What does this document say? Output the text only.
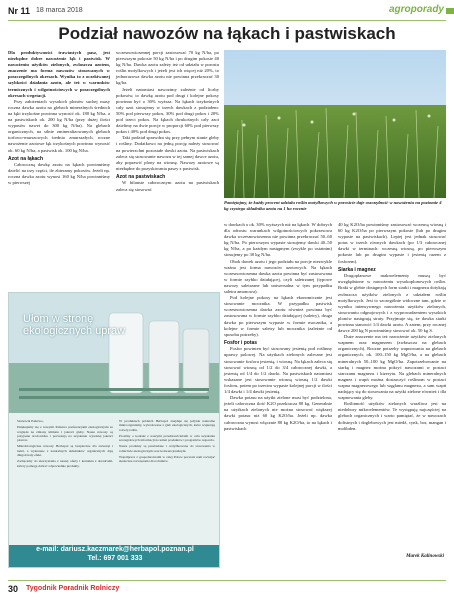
Nr 11 18 marca 2018	agroporady
Podział nawozów na łąkach i pastwiskach

Dla produktywności trawiastych pasz, jest niezbędne dobre nawożenie łąk i pastwisk. W nawożeniu użytków zielonych, zwłaszcza azotem, znaczenie ma forma nawozów stosowanych w poszczególnych okresach. Wynika to z oczekiwanej szybkości działania azotu, ale też w warunków termicznych i wilgotnościowych w poszczególnych okresach wegetacji.

Przy założeniach wysokich plonów suchej masy roczna dawka azotu na glebach mineralnych średnich na łąki trzykośne powinna wynosić ok. 180 kg N/ha, a na pastwiskach ok. 200 kg N/ha (przy dużej ilości wypasów nawet do 300 kg N/ha). Na glebach organicznych, na silnie zmineralizowanych glebach torfowo-murszowych średnio zmurszałych, roczne nawożenie azotowe łąk trzykośnych powinno wynosić ok. 60 kg N/ha, a pastwisk ok. 100 kg N/ha.

Azot na łąkach

Całoroczną dawkę azotu na łąkach powinniśmy dzielić na trzy części, ile zbieramy pokosów. Jeżeli np. roczna dawka azotu wynosi 160 kg N/ha powinniśmy w pierwszej

wczesnowiosennej porcji zastosować 70 kg N/ha, po pierwszym pokosie 50 kg N/ha i po drugim pokosie 40 kg N/ha. Dawka azotu zależy też od udziału w porostu roślin motylkowych i jeżeli jest ich więcej niż 20%, to jednorazowa dawka azotu nie powinna przekraczać 30 kg/ha.

Jeżeli natomiast nawozimy zależnie od liczby pokosów, to dawkę azotu pod drugi i kolejne pokosy powinna być o 30% wyższa. Na łąkach trzykośnych cały azot stosujemy w trzech dawkach z podziałem: 50% pod pierwszy pokos, 30% pod drugi pokos i 20% pod trzeci pokos. Na łąkach dwukośnych cały azot dzielimy na dwie porcje w proporcji 60% pod pierwszy pokos i 40% pod drugi pokos.

Taki podział sprawdza się przy pełnym stanie gleby i rośliny. Dodatkowo na jedną porcję należy stosować na powierzchni pozostałe dawki azotu. Na pastwiskach zaleca się stosowanie nawozu w tej samej dawce azotu, aby poprawić plony na wiosnę. Nawozy azotowe są niezbędne do pozyskiwania paszy z pastwisk.

Azot na pastwiskach

W bilansie całorocznym azotu na pastwiskach zaleca się stosować

Pamiętajmy, że każdy procent udziału roślin motylkowych w porostcie daje oszczędność w nawożeniu na poziomie 4 kg czystego składnika azotu na 1 ha rocznie

w dawkach o ok. 30% wyższych niż na łąkach. W dobrych dla odrostu warunkach wilgotnościowych pokrzesowa dawka wczesnowiosenna nie powinna przekraczać 50–60 kg N/ha. Po pierwszym wypasie stosujemy dawki 40–50 kg N/ha, a po każdym następnym (zwykle po ostatnim) stosujemy po 30 kg N/ha.

Obok dawek azotu i jego podziału na porcje niezwykle ważna jest forma nawozów azotowych. Na łąkach wczesnowiosenna dawka azotu powinna być zastosowana w formie szybko działającej, czyli saletrzanej (typowe nawozy saletrzane lub uniwersalna w tym przypadku saletra amonowa).

Pod kolejne pokosy na łąkach ekonomicznie jest stosowanie mocznika. W przypadku pastwisk wczesnowiosenna dawka azotu również powinna być zastosowana w formie szybko działającej (saletry), druga dawka po pierwszym wypasie w formie mocznika, a kolejne w formie saletry lub mocznika (zależnie od sposobu potrzeby).

Fosfor i potas

Fosfor powinien być stosowany jesienią pod roślinny uprawy polowej. Na użytkach zielonych zalecane jest stosowanie fosforu jesienią, i wiosną. Na łąkach zaleca się stosować wiosną od 1/2 do 3/4 całorocznej dawki, a jesienią od 1/4 do 1/2 dawki. Na pastwiskach natomiast wskazane jest stosowanie wiosną wiosną 1/2 dawki fosforu, potem po trzecim wypasie kolejnej porcji w ilości 1/4 dawki i 1/4 dawki jesienią.

Dawka potasu na użytki zielone musi być podzielona, jeżeli całoroczna ilość K2O przekracza 80 kg. Generalnie na użytkach zielonych nie można stosować większej dawki potasu niż 60 kg K2O/ha. Jeżeli np. dawka całoroczna wynosi włącznie 80 kg K2O/ha, to na łąkach i pastwiskach

40 kg K2O/ha powinniśmy zastosować wczesną wiosną i 60 kg K2O/ha po pierwszym pokosie (lub po drugim wypasie na pastwiskach). Lepiej jest jednak stosować potas w trzech równych dawkach (po 1/3 całorocznej dawki w terminach: wczesną wiosną, po pierwszym pokosie lub po drugim wypasie i jesienią razem z fosforem).

Siarka i magnez

Drugoplanowe makroelementy muszą być uwzględnione w nawożeniu wysokoplonowych roślin. Braki w glebie dostępnych form siarki i magnezu dotykają zwłaszcza użytków zielonych z udziałem roślin motylkowych. Jest to szczególnie widoczne tam, gdzie w wyniku intensywnego nawożenia użytków zielonych, stosowaniu odgnojowych i z wyprowadzeniem wysokich plonów następują straty. Przyjmuje się, że dawka siarki powinna stanowić 1/4 dawki azotu. A zatem, przy rocznej dawce 200 kg N powinniśmy stosować ok. 50 kg S.

Duże znaczenie ma też nawożenie użytków zielonych wapnem oraz magnezem (zwłaszcza na glebach organicznych). Roczne potrzeby wapnowania na glebach organicznych, ok. 100–150 kg MgO/ha, a na glebach mineralnych 50–100 kg MgO/ha. Zapotrzebowanie na siarkę i magnez można pokryć nawozami w postaci siarczanu magnezu i kizerytu. Na glebach mineralnych magnez i wapń można dostarczyć roślinom w postaci wapna magnezowego lub węglanu magnezu, a sam wapń nadający się do stosowania na użytki zielone również i dla wapnowania gleby.

Roślinność użytków zielonych wrażliwa jest na niedobory mikroelementów. Te występują najczęściej na glebach organicznych i warto pamiętać, że w nawozach dolistnych i doglebowych jest miedź, cynk, bor, mangan i molibden.

Marek Kalinowski
Ułom w stronę ekologicznych upraw

Szanowni Państwo,

Dziękujemy się z nowymi Państwa preferencjami ekologicznymi ze względu na zmiany klimatu i jakości gleby. Nasze nawozy są przyjazne środowisku i pozwalają na uzyskanie wysokiej jakości plonów.

Mikrobiologiczne nawozy Herbapol są bezpieczne dla zwierząt i ludzi, a wykonane z naturalnych składników organicznych dają długotrwały efekt.

Zachęcamy do skorzystania z naszej oferty i kontaktu z doradcami, którzy pomogą dobrać odpowiednie produkty.

W produktach polskich Herbapol znajduje się jedynie naturalne mikroorganizmy, wyizolowane z gleb ekologicznych, które wspierają rozwój roślin.

Prosimy o kontakt z naszymi przedstawicielami w celu uzyskania szczegółowych informacji na temat produktów i programów wsparcia.

Nasze produkty są przebadane i certyfikowane do stosowania w rolnictwie ekologicznym oraz konwencjonalnym.

Współpraca z gospodarstwami w całej Polsce pozwala nam rozwijać skuteczne rozwiązania dla rolników.

e-mail: dariusz.kaczmarek@herbapol.poznan.pl
Tel.: 697 001 333
30 Tygodnik Poradnik Rolniczy
